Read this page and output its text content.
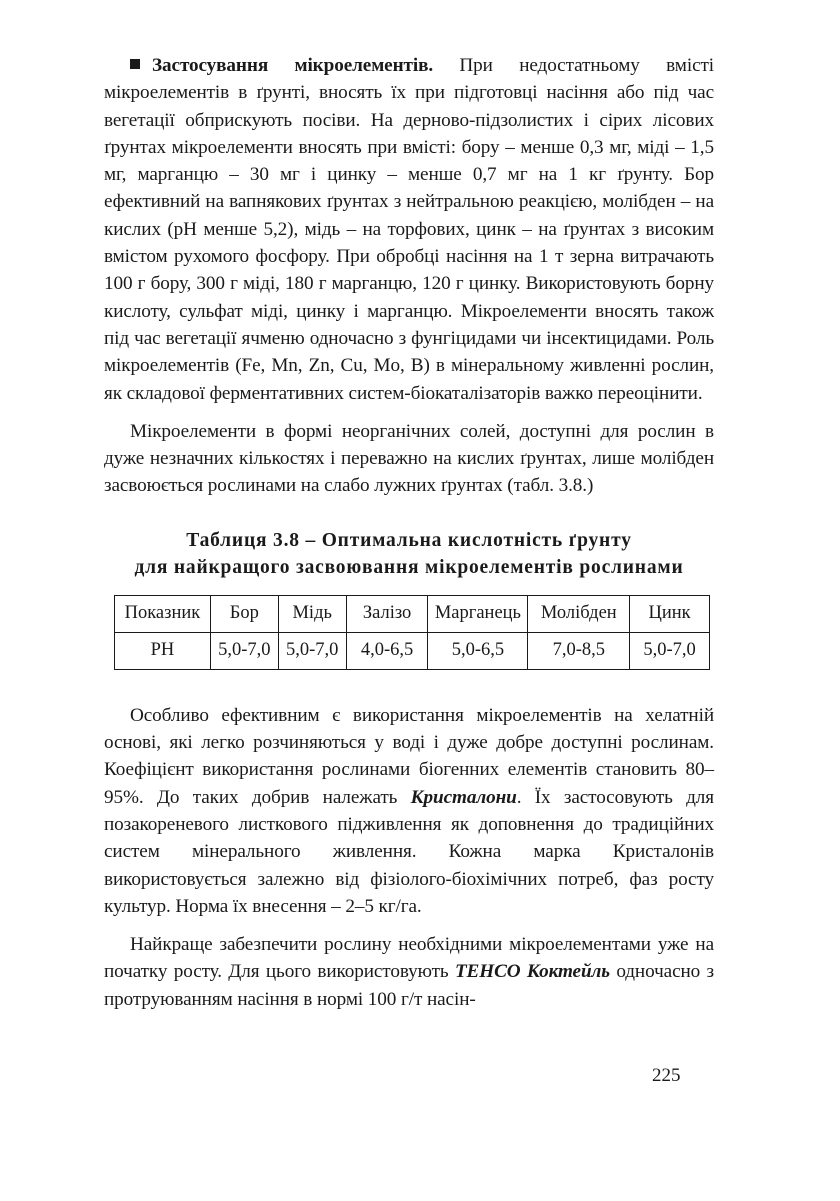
Застосування мікроелементів. При недостатньому вмісті мікроелементів в ґрунті, вносять їх при підготовці насіння або під час вегетації обприскують посіви. На дерново-підзолистих і сірих лісових ґрунтах мікроелементи вносять при вмісті: бору – менше 0,3 мг, міді – 1,5 мг, марганцю – 30 мг і цинку – менше 0,7 мг на 1 кг ґрунту. Бор ефективний на вапнякових ґрунтах з нейтральною реакцією, молібден – на кислих (pH менше 5,2), мідь – на торфових, цинк – на ґрунтах з високим вмістом рухомого фосфору. При обробці насіння на 1 т зерна витрачають 100 г бору, 300 г міді, 180 г марганцю, 120 г цинку. Використовують борну кислоту, сульфат міді, цинку і марганцю. Мікроелементи вносять також під час вегетації ячменю одночасно з фунгіцидами чи інсектицидами. Роль мікроелементів (Fe, Mn, Zn, Cu, Mo, B) в мінеральному живленні рослин, як складової ферментативних систем-біокаталізаторів важко переоцінити.

Мікроелементи в формі неорганічних солей, доступні для рослин в дуже незначних кількостях і переважно на кислих ґрунтах, лише молібден засвоюється рослинами на слабо лужних ґрунтах (табл. 3.8.)

Таблиця 3.8 – Оптимальна кислотність ґрунту

для найкращого засвоювання мікроелементів рослинами

Показник	Бор	Мідь	Залізо	Марганець	Молібден	Цинк
PH	5,0-7,0	5,0-7,0	4,0-6,5	5,0-6,5	7,0-8,5	5,0-7,0

Особливо ефективним є використання мікроелементів на хелатній основі, які легко розчиняються у воді і дуже добре доступні рослинам. Коефіцієнт використання рослинами біогенних елементів становить 80–95%. До таких добрив належать Кристалони. Їх застосовують для позакореневого листкового підживлення як доповнення до традиційних систем мінерального живлення. Кожна марка Кристалонів використовується залежно від фізіолого-біохімічних потреб, фаз росту культур. Норма їх внесення – 2–5 кг/га.

Найкраще забезпечити рослину необхідними мікроелементами уже на початку росту. Для цього використовують ТЕНСО Коктейль одночасно з протруюванням насіння в нормі 100 г/т насін-

225
